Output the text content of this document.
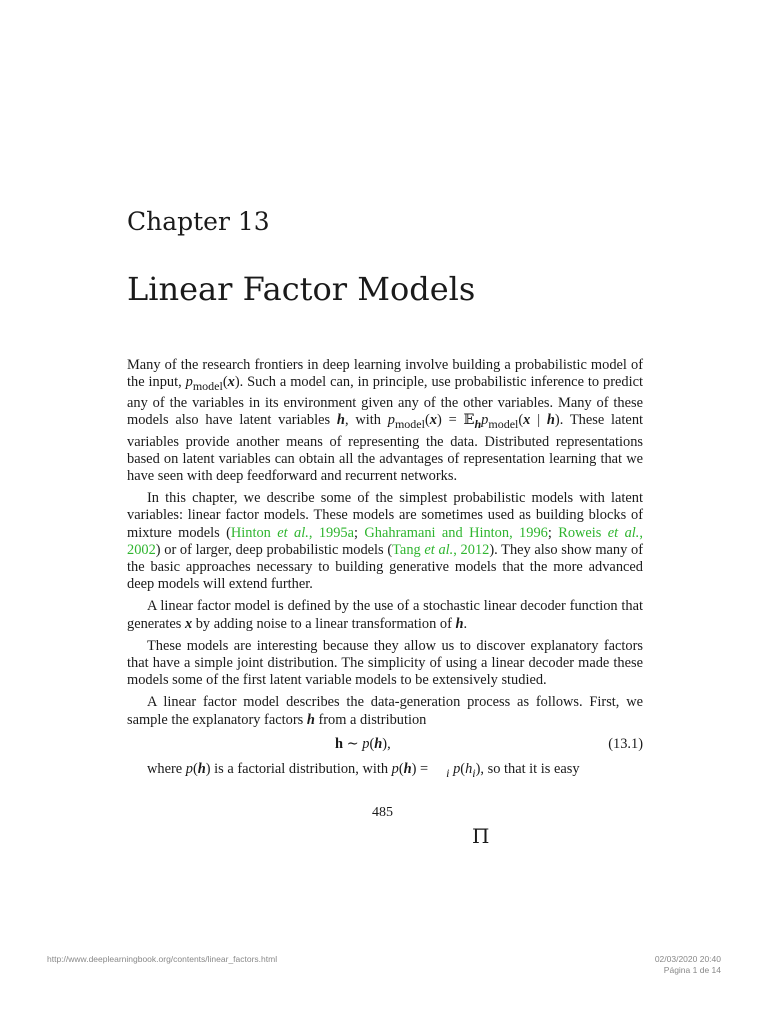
Chapter 13
Linear Factor Models

Many of the research frontiers in deep learning involve building a probabilistic model of the input, $p_{model}(x)$. Such a model can, in principle, use probabilistic inference to predict any of the variables in its environment given any of the other variables. Many of these models also have latent variables h, with $p_{model}(x)$ = $𝔼_hp_{model}(x$ | h). These latent variables provide another means of representing the data. Distributed representations based on latent variables can obtain all the advantages of representation learning that we have seen with deep feedforward and recurrent networks.

In this chapter, we describe some of the simplest probabilistic models with latent variables: linear factor models. These models are sometimes used as building blocks of mixture models (Hinton et al., 1995a; Ghahramani and Hinton, 1996; Roweis et al., 2002) or of larger, deep probabilistic models (Tang et al., 2012). They also show many of the basic approaches necessary to building generative models that the more advanced deep models will extend further.

A linear factor model is defined by the use of a stochastic linear decoder function that generates x by adding noise to a linear transformation of h.

These models are interesting because they allow us to discover explanatory factors that have a simple joint distribution. The simplicity of using a linear decoder made these models some of the first latent variable models to be extensively studied.

A linear factor model describes the data-generation process as follows. First, we sample the explanatory factors h from a distribution

h ∼ p(h),	(13.1)

where p(h) is a factorial distribution, with p(h) =     $_i$ $p(h_i)$, so that it is easy

485
Π
http://www.deeplearningbook.org/contents/linear_factors.html	02/03/2020 20:40
Página 1 de 14
